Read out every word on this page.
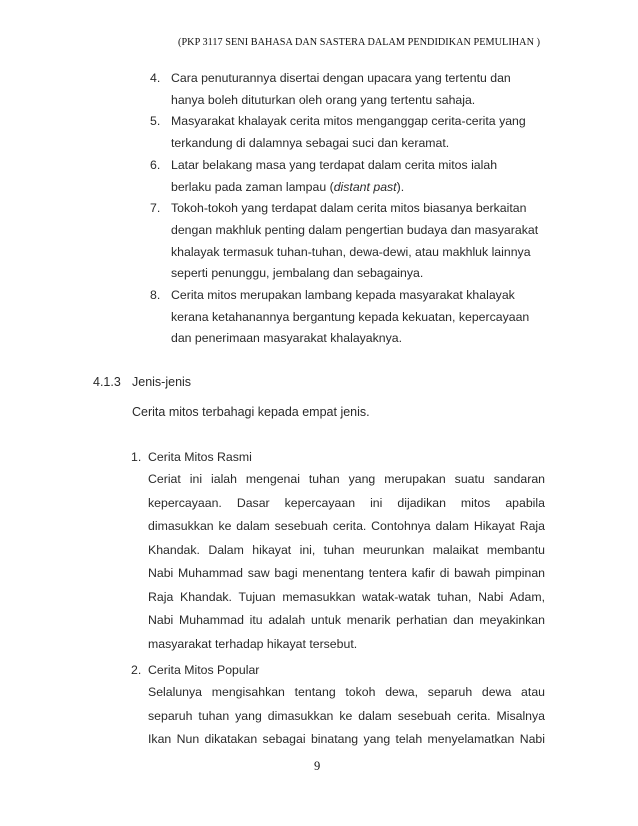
(PKP 3117 SENI BAHASA DAN SASTERA DALAM PENDIDIKAN PEMULIHAN )
4. Cara penuturannya disertai dengan upacara yang tertentu dan
hanya boleh dituturkan oleh orang yang tertentu sahaja.
5. Masyarakat khalayak cerita mitos menganggap cerita-cerita yang
terkandung di dalamnya sebagai suci dan keramat.
6. Latar belakang masa yang terdapat dalam cerita mitos ialah
berlaku pada zaman lampau (distant past).
7. Tokoh-tokoh yang terdapat dalam cerita mitos biasanya berkaitan
dengan makhluk penting dalam pengertian budaya dan masyarakat
khalayak termasuk tuhan-tuhan, dewa-dewi, atau makhluk lainnya
seperti penunggu, jembalang dan sebagainya.
8. Cerita mitos merupakan lambang kepada masyarakat khalayak
kerana ketahanannya bergantung kepada kekuatan, kepercayaan
dan penerimaan masyarakat khalayaknya.
4.1.3 Jenis-jenis
Cerita mitos terbahagi kepada empat jenis.
1. Cerita Mitos Rasmi
Ceriat ini ialah mengenai tuhan yang merupakan suatu sandaran
kepercayaan. Dasar kepercayaan ini dijadikan mitos apabila
dimasukkan ke dalam sesebuah cerita. Contohnya dalam Hikayat Raja
Khandak. Dalam hikayat ini, tuhan meurunkan malaikat membantu
Nabi Muhammad saw bagi menentang tentera kafir di bawah pimpinan
Raja Khandak. Tujuan memasukkan watak-watak tuhan, Nabi Adam,
Nabi Muhammad itu adalah untuk menarik perhatian dan meyakinkan
masyarakat terhadap hikayat tersebut.
2. Cerita Mitos Popular
Selalunya mengisahkan tentang tokoh dewa, separuh dewa atau
separuh tuhan yang dimasukkan ke dalam sesebuah cerita. Misalnya
Ikan Nun dikatakan sebagai binatang yang telah menyelamatkan Nabi
9
